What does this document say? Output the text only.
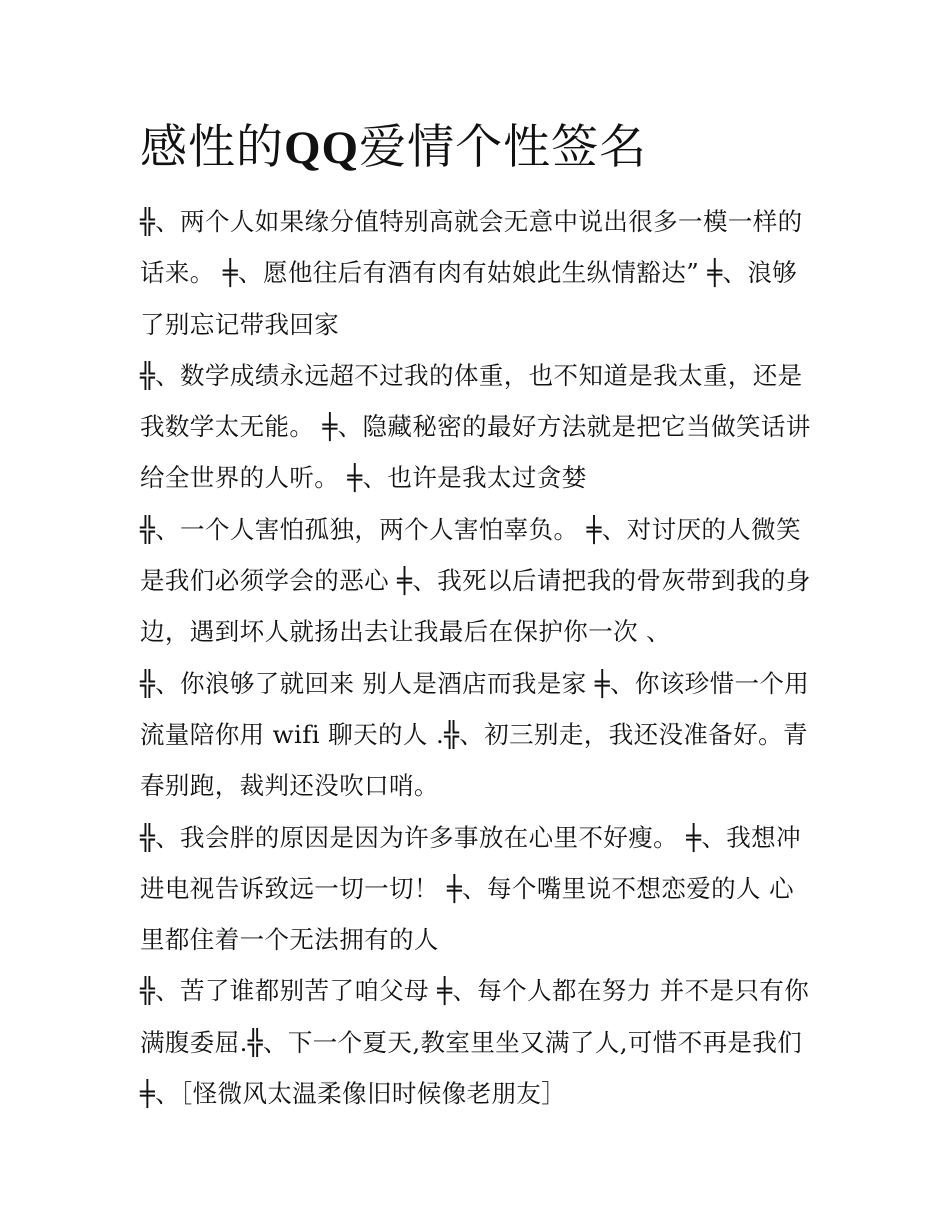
感性的QQ爱情个性签名

╬、两个人如果缘分值特别高就会无意中说出很多一模一样的话来。 ╪、愿他往后有酒有肉有姑娘此生纵情豁达” ╪、浪够了别忘记带我回家

╬、数学成绩永远超不过我的体重，也不知道是我太重，还是我数学太无能。 ╪、隐藏秘密的最好方法就是把它当做笑话讲给全世界的人听。 ╪、也许是我太过贪婪

╬、一个人害怕孤独，两个人害怕辜负。 ╪、对讨厌的人微笑是我们必须学会的恶心 ╪、我死以后请把我的骨灰带到我的身边，遇到坏人就扬出去让我最后在保护你一次 、

╬、你浪够了就回来 别人是酒店而我是家 ╪、你该珍惜一个用流量陪你用 wifi 聊天的人 .╬、初三别走，我还没准备好。青春别跑，裁判还没吹口哨。

╬、我会胖的原因是因为许多事放在心里不好瘦。 ╪、我想冲进电视告诉致远一切一切！ ╪、每个嘴里说不想恋爱的人 心里都住着一个无法拥有的人

╬、苦了谁都别苦了咱父母 ╪、每个人都在努力 并不是只有你满腹委屈.╬、下一个夏天,教室里坐又满了人,可惜不再是我们 ╪、［怪微风太温柔像旧时候像老朋友］
